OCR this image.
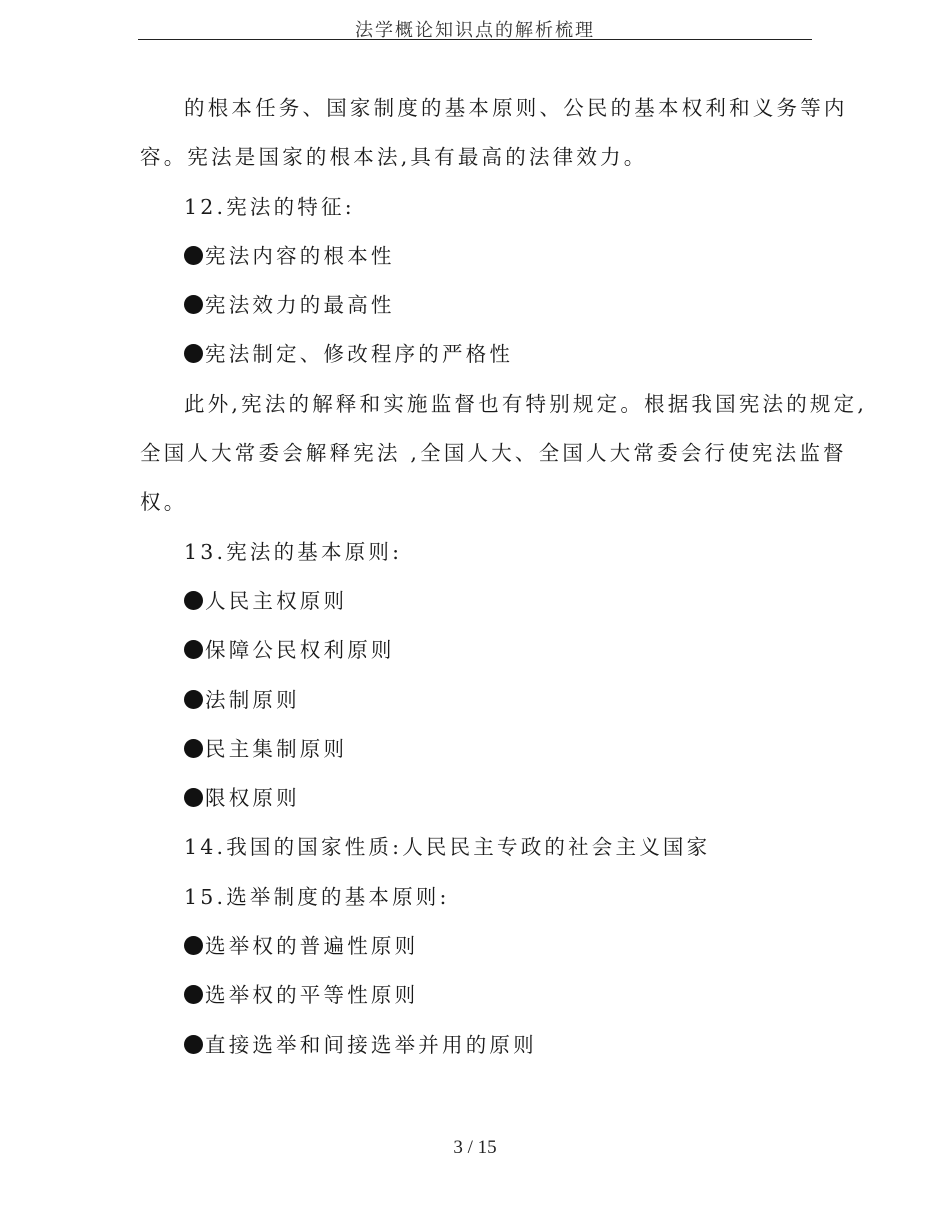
法学概论知识点的解析梳理
的根本任务、国家制度的基本原则、公民的基本权利和义务等内
容。宪法是国家的根本法,具有最高的法律效力。
12.宪法的特征:
宪法内容的根本性
宪法效力的最高性
宪法制定、修改程序的严格性
此外,宪法的解释和实施监督也有特别规定。根据我国宪法的规定,
全国人大常委会解释宪法 ,全国人大、全国人大常委会行使宪法监督
权。
13.宪法的基本原则:
人民主权原则
保障公民权利原则
法制原则
民主集制原则
限权原则
14.我国的国家性质:人民民主专政的社会主义国家
15.选举制度的基本原则:
选举权的普遍性原则
选举权的平等性原则
直接选举和间接选举并用的原则
3 / 15
